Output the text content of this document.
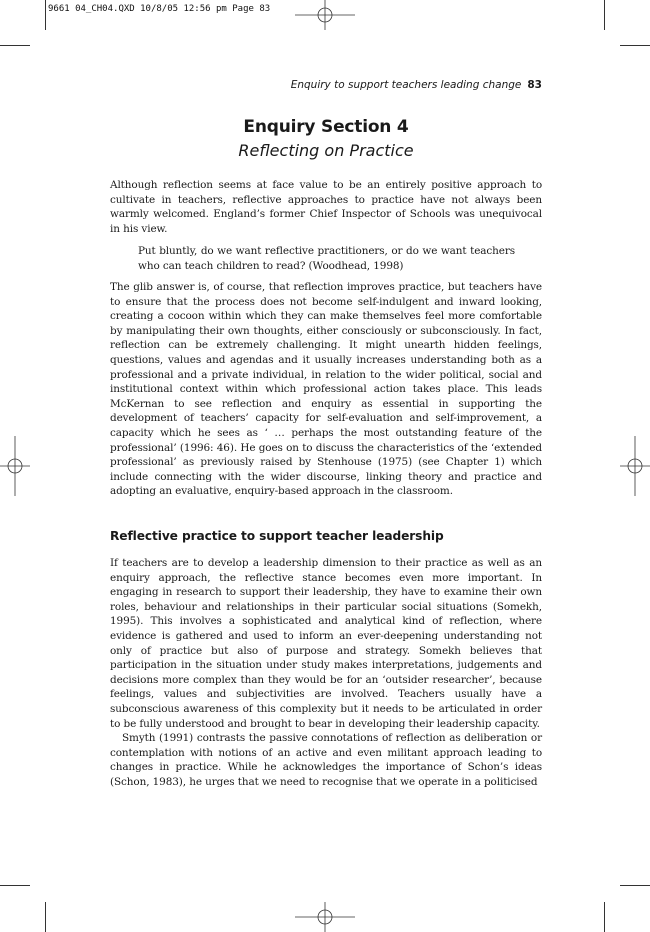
9661 04_CH04.QXD 10/8/05 12:56 pm Page 83
Enquiry to support teachers leading change 83
Enquiry Section 4
Reflecting on Practice

Although reflection seems at face value to be an entirely positive approach to cultivate in teachers, reflective approaches to practice have not always been warmly welcomed. England’s former Chief Inspector of Schools was unequivocal in his view.

Put bluntly, do we want reflective practitioners, or do we want teachers who can teach children to read? (Woodhead, 1998)

The glib answer is, of course, that reflection improves practice, but teachers have to ensure that the process does not become self-indulgent and inward looking, creating a cocoon within which they can make themselves feel more comfortable by manipulating their own thoughts, either consciously or subconsciously. In fact, reflection can be extremely challenging. It might unearth hidden feelings, questions, values and agendas and it usually increases understanding both as a professional and a private individual, in relation to the wider political, social and institutional context within which professional action takes place. This leads McKernan to see reflection and enquiry as essential in supporting the development of teachers’ capacity for self-evaluation and self-improvement, a capacity which he sees as ‘ … perhaps the most outstanding feature of the professional’ (1996: 46). He goes on to discuss the characteristics of the ‘extended professional’ as previously raised by Stenhouse (1975) (see Chapter 1) which include connecting with the wider discourse, linking theory and practice and adopting an evaluative, enquiry-based approach in the classroom.

Reflective practice to support teacher leadership

If teachers are to develop a leadership dimension to their practice as well as an enquiry approach, the reflective stance becomes even more important. In engaging in research to support their leadership, they have to examine their own roles, behaviour and relationships in their particular social situations (Somekh, 1995). This involves a sophisticated and analytical kind of reflection, where evidence is gathered and used to inform an ever-deepening understanding not only of practice but also of purpose and strategy. Somekh believes that participation in the situation under study makes interpretations, judgements and decisions more complex than they would be for an ‘outsider researcher’, because feelings, values and subjectivities are involved. Teachers usually have a subconscious awareness of this complexity but it needs to be articulated in order to be fully understood and brought to bear in developing their leadership capacity.

Smyth (1991) contrasts the passive connotations of reflection as deliberation or contemplation with notions of an active and even militant approach leading to changes in practice. While he acknowledges the importance of Schon’s ideas (Schon, 1983), he urges that we need to recognise that we operate in a politicised
